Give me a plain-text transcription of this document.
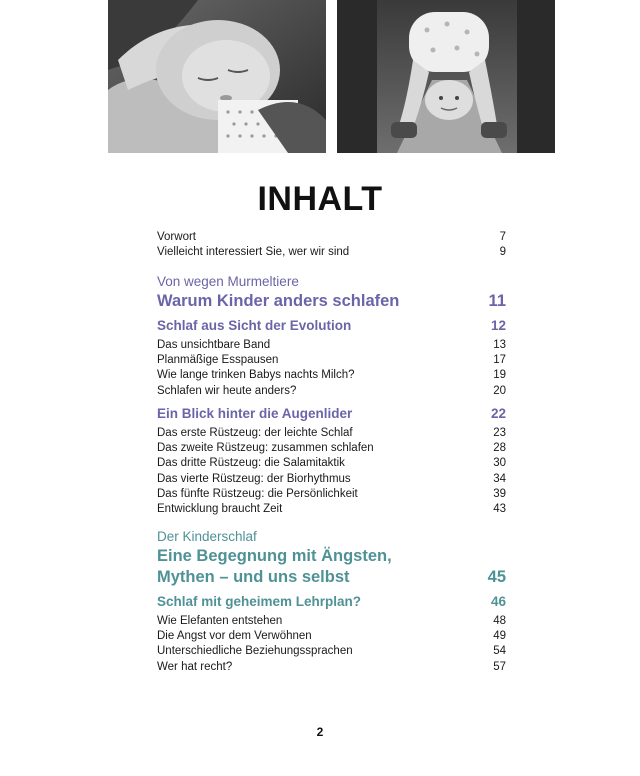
INHALT
Vorwort	7
Vielleicht interessiert Sie, wer wir sind	9
Von wegen Murmeltiere
Warum Kinder anders schlafen	11
Schlaf aus Sicht der Evolution	12
Das unsichtbare Band	13
Planmäßige Esspausen	17
Wie lange trinken Babys nachts Milch?	19
Schlafen wir heute anders?	20
Ein Blick hinter die Augenlider	22
Das erste Rüstzeug: der leichte Schlaf	23
Das zweite Rüstzeug: zusammen schlafen	28
Das dritte Rüstzeug: die Salamitaktik	30
Das vierte Rüstzeug: der Biorhythmus	34
Das fünfte Rüstzeug: die Persönlichkeit	39
Entwicklung braucht Zeit	43
Der Kinderschlaf
Eine Begegnung mit Ängsten,
Mythen – und uns selbst	45
Schlaf mit geheimem Lehrplan?	46
Wie Elefanten entstehen	48
Die Angst vor dem Verwöhnen	49
Unterschiedliche Beziehungssprachen	54
Wer hat recht?	57
2
